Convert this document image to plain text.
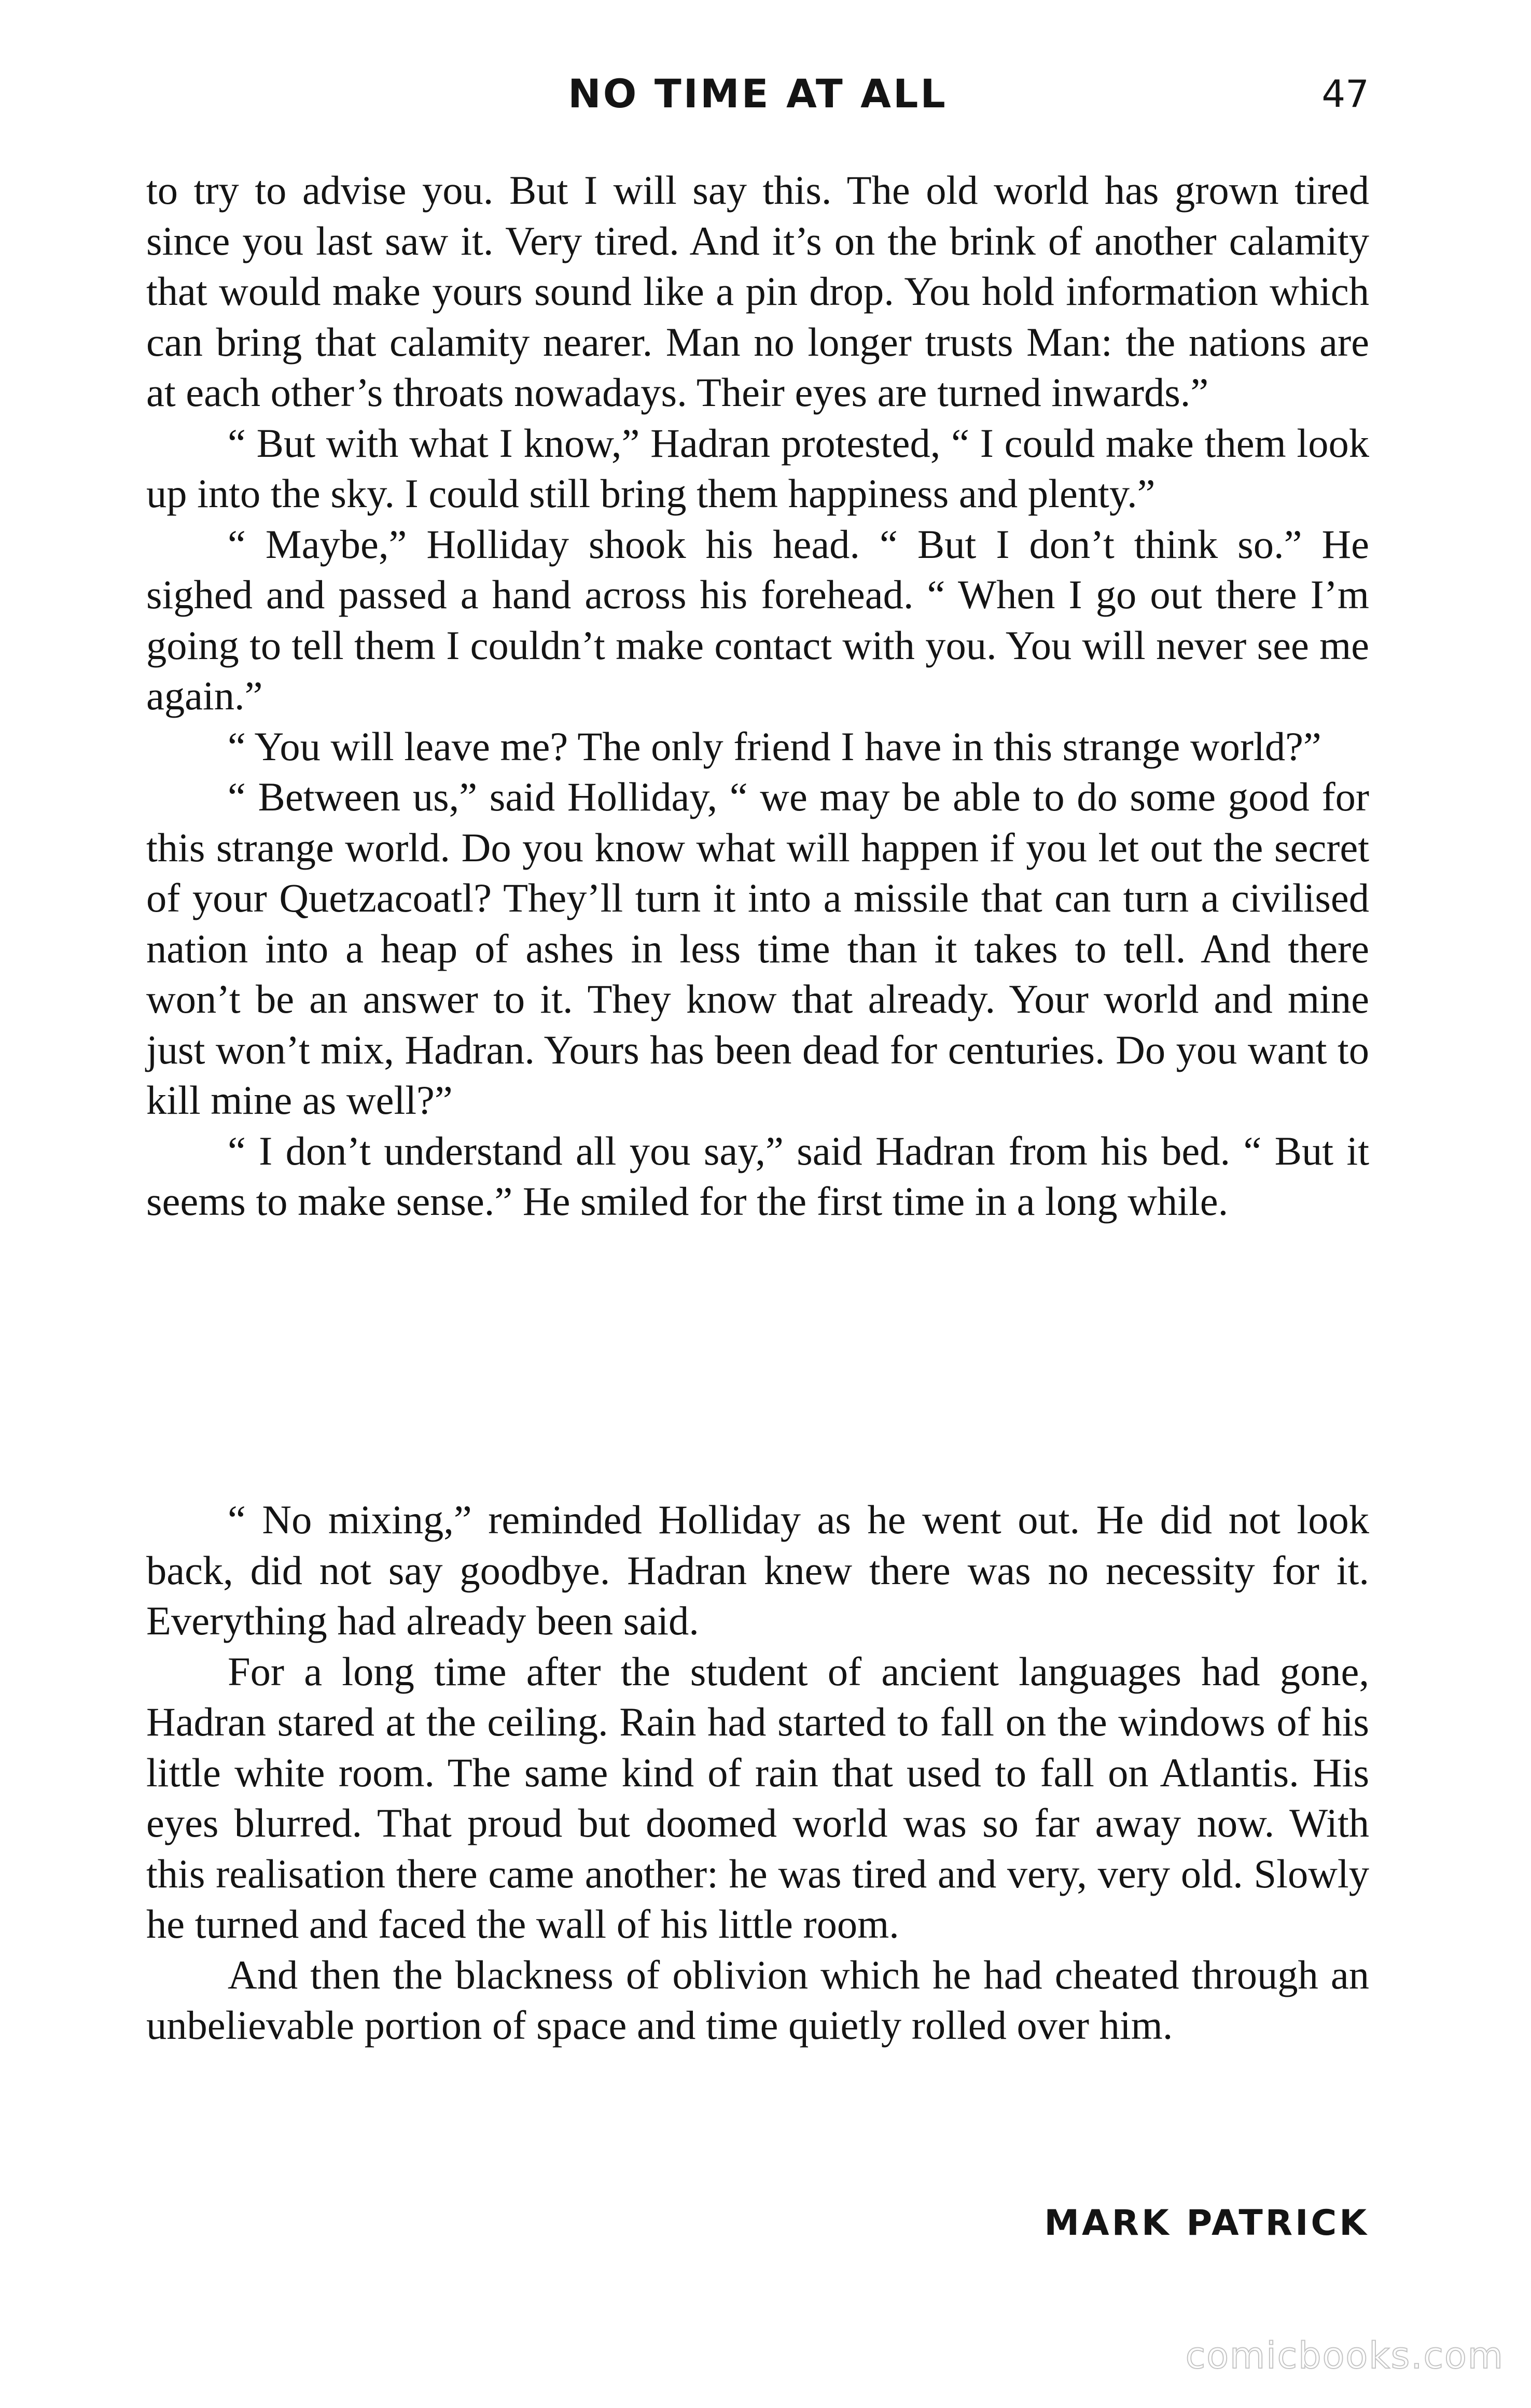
NO TIME AT ALL	47

to try to advise you. But I will say this. The old world has grown tired since you last saw it. Very tired. And it’s on the brink of another calamity that would make yours sound like a pin drop. You hold information which can bring that calamity nearer. Man no longer trusts Man: the nations are at each other’s throats nowadays. Their eyes are turned inwards.”

“ But with what I know,” Hadran protested, “ I could make them look up into the sky. I could still bring them happiness and plenty.”

“ Maybe,” Holliday shook his head. “ But I don’t think so.” He sighed and passed a hand across his forehead. “ When I go out there I’m going to tell them I couldn’t make contact with you. You will never see me again.”

“ You will leave me? The only friend I have in this strange world?”

“ Between us,” said Holliday, “ we may be able to do some good for this strange world. Do you know what will happen if you let out the secret of your Quetzacoatl? They’ll turn it into a missile that can turn a civilised nation into a heap of ashes in less time than it takes to tell. And there won’t be an answer to it. They know that already. Your world and mine just won’t mix, Hadran. Yours has been dead for centuries. Do you want to kill mine as well?”

“ I don’t understand all you say,” said Hadran from his bed. “ But it seems to make sense.” He smiled for the first time in a long while.

“ No mixing,” reminded Holliday as he went out. He did not look back, did not say goodbye. Hadran knew there was no necessity for it. Everything had already been said.

For a long time after the student of ancient languages had gone, Hadran stared at the ceiling. Rain had started to fall on the windows of his little white room. The same kind of rain that used to fall on Atlantis. His eyes blurred. That proud but doomed world was so far away now. With this realisation there came another: he was tired and very, very old. Slowly he turned and faced the wall of his little room.

And then the blackness of oblivion which he had cheated through an unbelievable portion of space and time quietly rolled over him.

MARK PATRICK
comicbooks.com
